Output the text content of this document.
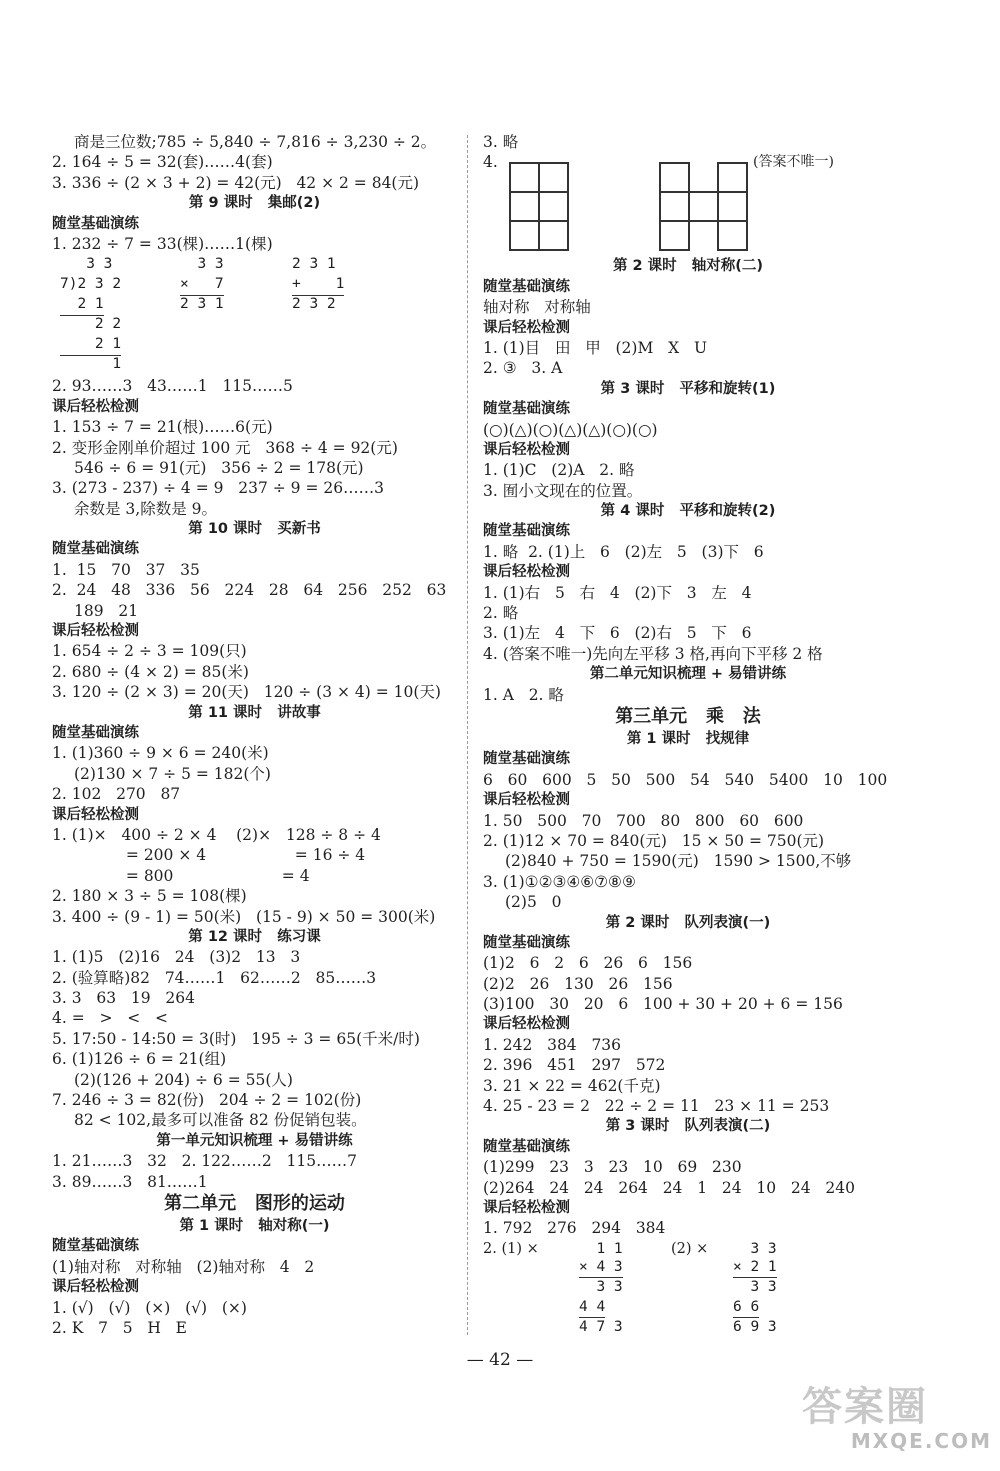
商是三位数;785 ÷ 5,840 ÷ 7,816 ÷ 3,230 ÷ 2。
2. 164 ÷ 5 = 32(套)……4(套)
3. 336 ÷ (2 × 3 + 2) = 42(元)   42 × 2 = 84(元)
第 9 课时   集邮(2)
随堂基础演练
1. 232 ÷ 7 = 33(棵)……1(棵)
3 3
7)2 3 2
2 1
2 2
2 1
1
3 3
×   7
2 3 1
2 3 1
+    1
2 3 2
2. 93……3   43……1   115……5
课后轻松检测
1. 153 ÷ 7 = 21(根)……6(元)
2. 变形金刚单价超过 100 元   368 ÷ 4 = 92(元)
546 ÷ 6 = 91(元)   356 ÷ 2 = 178(元)
3. (273 - 237) ÷ 4 = 9   237 ÷ 9 = 26……3
余数是 3,除数是 9。
第 10 课时   买新书
随堂基础演练
1.  15   70   37   35
2.  24   48   336   56   224   28   64   256   252   63
189   21
课后轻松检测
1. 654 ÷ 2 ÷ 3 = 109(只)
2. 680 ÷ (4 × 2) = 85(米)
3. 120 ÷ (2 × 3) = 20(天)   120 ÷ (3 × 4) = 10(天)
第 11 课时   讲故事
随堂基础演练
1. (1)360 ÷ 9 × 6 = 240(米)
(2)130 × 7 ÷ 5 = 182(个)
2. 102   270   87
课后轻松检测
1. (1)×   400 ÷ 2 × 4    (2)×   128 ÷ 8 ÷ 4
= 200 × 4                  = 16 ÷ 4
= 800                      = 4
2. 180 × 3 ÷ 5 = 108(棵)
3. 400 ÷ (9 - 1) = 50(米)   (15 - 9) × 50 = 300(米)
第 12 课时   练习课
1. (1)5   (2)16   24   (3)2   13   3
2. (验算略)82   74……1   62……2   85……3
3. 3   63   19   264
4. =   >   <   <
5. 17:50 - 14:50 = 3(时)   195 ÷ 3 = 65(千米/时)
6. (1)126 ÷ 6 = 21(组)
(2)(126 + 204) ÷ 6 = 55(人)
7. 246 ÷ 3 = 82(份)   204 ÷ 2 = 102(份)
82 < 102,最多可以准备 82 份促销包装。
第一单元知识梳理 + 易错讲练
1. 21……3   32   2. 122……2   115……7
3. 89……3   81……1
第二单元   图形的运动
第 1 课时   轴对称(一)
随堂基础演练
(1)轴对称   对称轴   (2)轴对称   4   2
课后轻松检测
1. (√)   (√)   (×)   (√)   (×)
2. K   7   5   H   E
3. 略
4.

			(答案不唯一)
第 2 课时   轴对称(二)
随堂基础演练
轴对称   对称轴
课后轻松检测
1. (1)目   田   甲   (2)M   X   U
2. ③   3. A
第 3 课时   平移和旋转(1)
随堂基础演练
(○)(△)(○)(△)(△)(○)(○)
课后轻松检测
1. (1)C   (2)A   2. 略
3. 囿小文现在的位置。
第 4 课时   平移和旋转(2)
随堂基础演练
1. 略  2. (1)上   6   (2)左   5   (3)下   6
课后轻松检测
1. (1)右   5   右   4   (2)下   3   左   4
2. 略
3. (1)左   4   下   6   (2)右   5   下   6
4. (答案不唯一)先向左平移 3 格,再向下平移 2 格
第二单元知识梳理 + 易错讲练
1. A   2. 略
第三单元   乘   法
第 1 课时   找规律
随堂基础演练
6   60   600   5   50   500   54   540   5400   10   100
课后轻松检测
1. 50   500   70   700   80   800   60   600
2. (1)12 × 70 = 840(元)   15 × 50 = 750(元)
(2)840 + 750 = 1590(元)   1590 > 1500,不够
3. (1)①②③④⑥⑦⑧⑨
(2)5   0
第 2 课时   队列表演(一)
随堂基础演练
(1)2   6   2   6   26   6   156
(2)2   26   130   26   156
(3)100   30   20   6   100 + 30 + 20 + 6 = 156
课后轻松检测
1. 242   384   736
2. 396   451   297   572
3. 21 × 22 = 462(千克)
4. 25 - 23 = 2   22 ÷ 2 = 11   23 × 11 = 253
第 3 课时   队列表演(二)
随堂基础演练
(1)299   23   3   23   10   69   230
(2)264   24   24   264   24   1   24   10   24   240
课后轻松检测
1. 792   276   294   384
2. (1) ×	1 1
× 4 3
3 3
4 4
4 7 3
(2) × 3 3
× 2 1
3 3
6 6
6 9 3
— 42 —
答案圈
MXQE.COM
